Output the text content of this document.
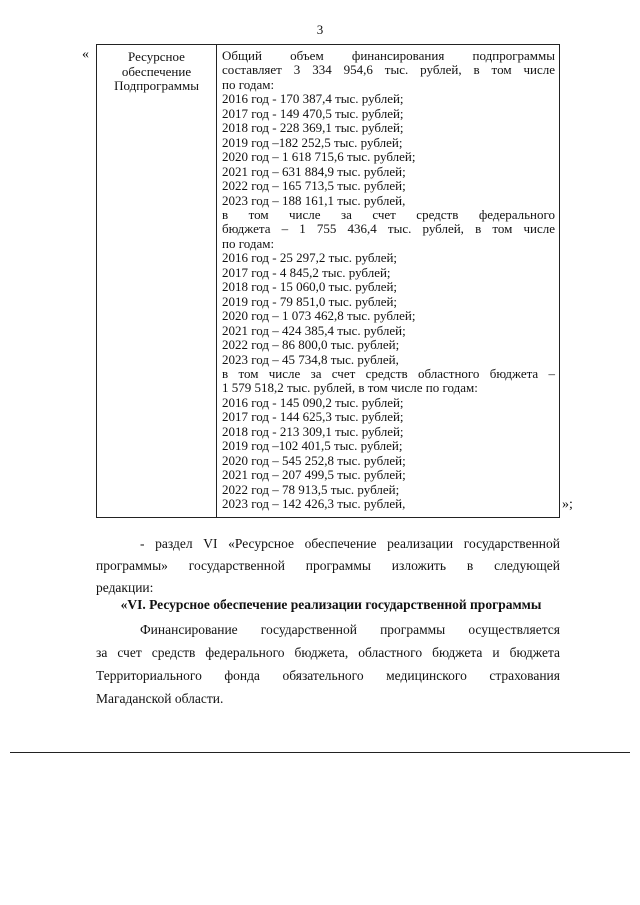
3
«	Ресурсное
обеспечение
Подпрограммы

Общий объем финансирования подпрограммы
составляет 3 334 954,6 тыс. рублей, в том числе
по годам:
2016 год - 170 387,4 тыс. рублей;
2017 год - 149 470,5 тыс. рублей;
2018 год - 228 369,1 тыс. рублей;
2019 год –182 252,5 тыс. рублей;
2020 год – 1 618 715,6 тыс. рублей;
2021 год – 631 884,9 тыс. рублей;
2022 год – 165 713,5 тыс. рублей;
2023 год – 188 161,1 тыс. рублей,
в том числе за счет средств федерального
бюджета – 1 755 436,4 тыс. рублей, в том числе
по годам:
2016 год - 25 297,2 тыс. рублей;
2017 год - 4 845,2 тыс. рублей;
2018 год - 15 060,0 тыс. рублей;
2019 год - 79 851,0 тыс. рублей;
2020 год – 1 073 462,8 тыс. рублей;
2021 год – 424 385,4 тыс. рублей;
2022 год – 86 800,0 тыс. рублей;
2023 год – 45 734,8 тыс. рублей,
в том числе за счет средств областного бюджета –
1 579 518,2 тыс. рублей, в том числе по годам:
2016 год - 145 090,2 тыс. рублей;
2017 год - 144 625,3 тыс. рублей;
2018 год - 213 309,1 тыс. рублей;
2019 год –102 401,5 тыс. рублей;
2020 год – 545 252,8 тыс. рублей;
2021 год – 207 499,5 тыс. рублей;
2022 год – 78 913,5 тыс. рублей;
2023 год – 142 426,3 тыс. рублей,	»;
- раздел VI «Ресурсное обеспечение реализации государственной
программы» государственной программы изложить в следующей
редакции:
«VI. Ресурсное обеспечение реализации государственной программы
Финансирование государственной программы осуществляется
за счет средств федерального бюджета, областного бюджета и бюджета
Территориального фонда обязательного медицинского страхования
Магаданской области.
